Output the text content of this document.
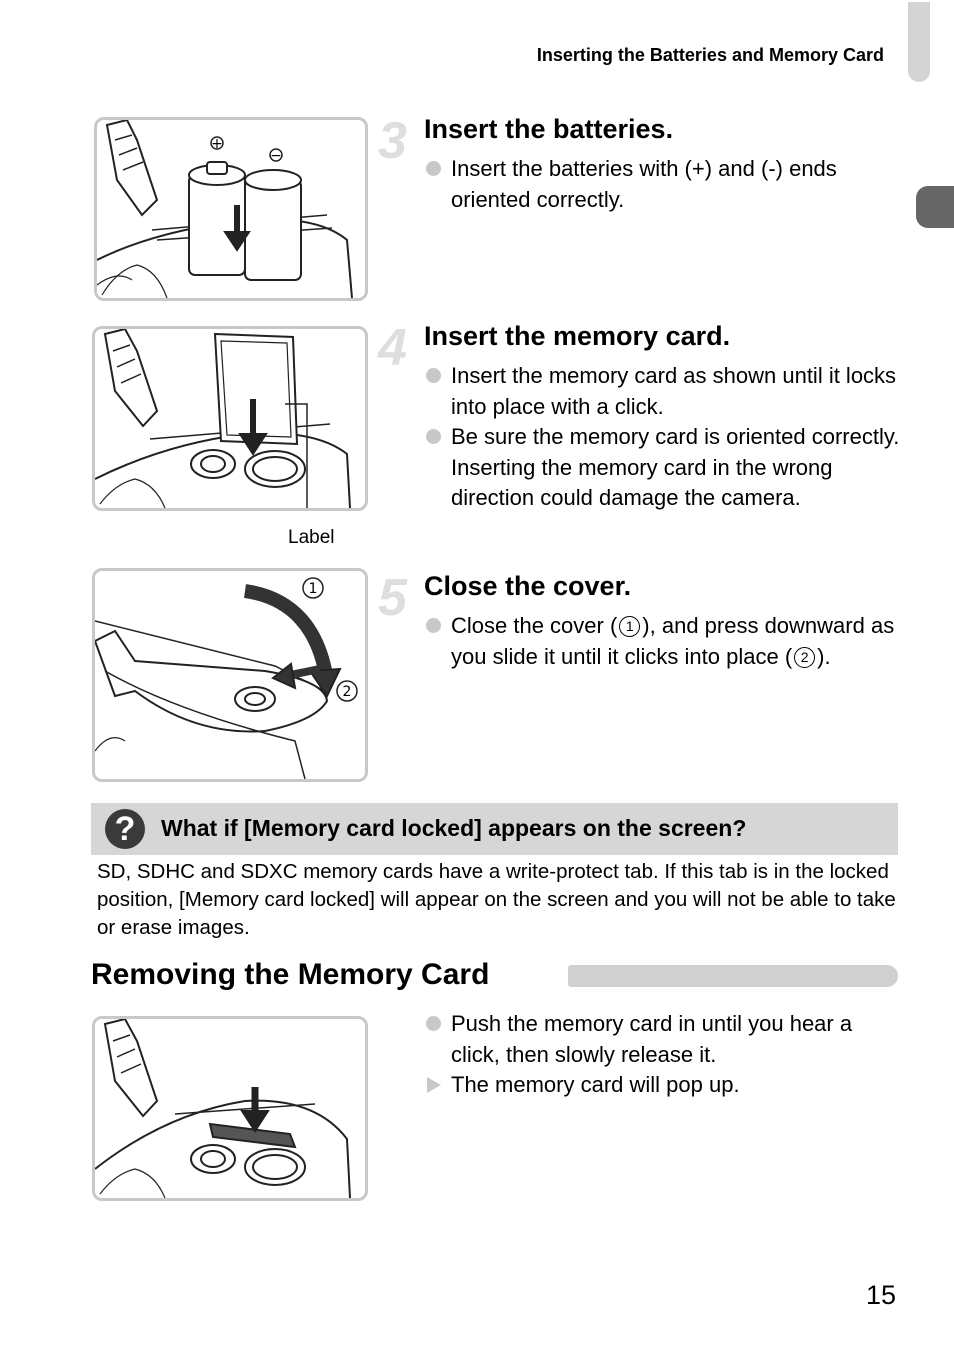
Inserting the Batteries and Memory Card
+
− 3 Insert the batteries.
Insert the batteries with (+) and (-) ends oriented correctly.
Label
4 Insert the memory card.
Insert the memory card as shown until it locks into place with a click.
Be sure the memory card is oriented correctly. Inserting the memory card in the wrong direction could damage the camera.
1
2
5 Close the cover.
Close the cover ( 1 ), and press downward as you slide it until it clicks into place ( 2 ).
?	What if [Memory card locked] appears on the screen?
SD, SDHC and SDXC memory cards have a write-protect tab. If this tab is in the locked position, [Memory card locked] will appear on the screen and you will not be able to take or erase images.
Removing the Memory Card
Push the memory card in until you hear a click, then slowly release it.
The memory card will pop up.
15
